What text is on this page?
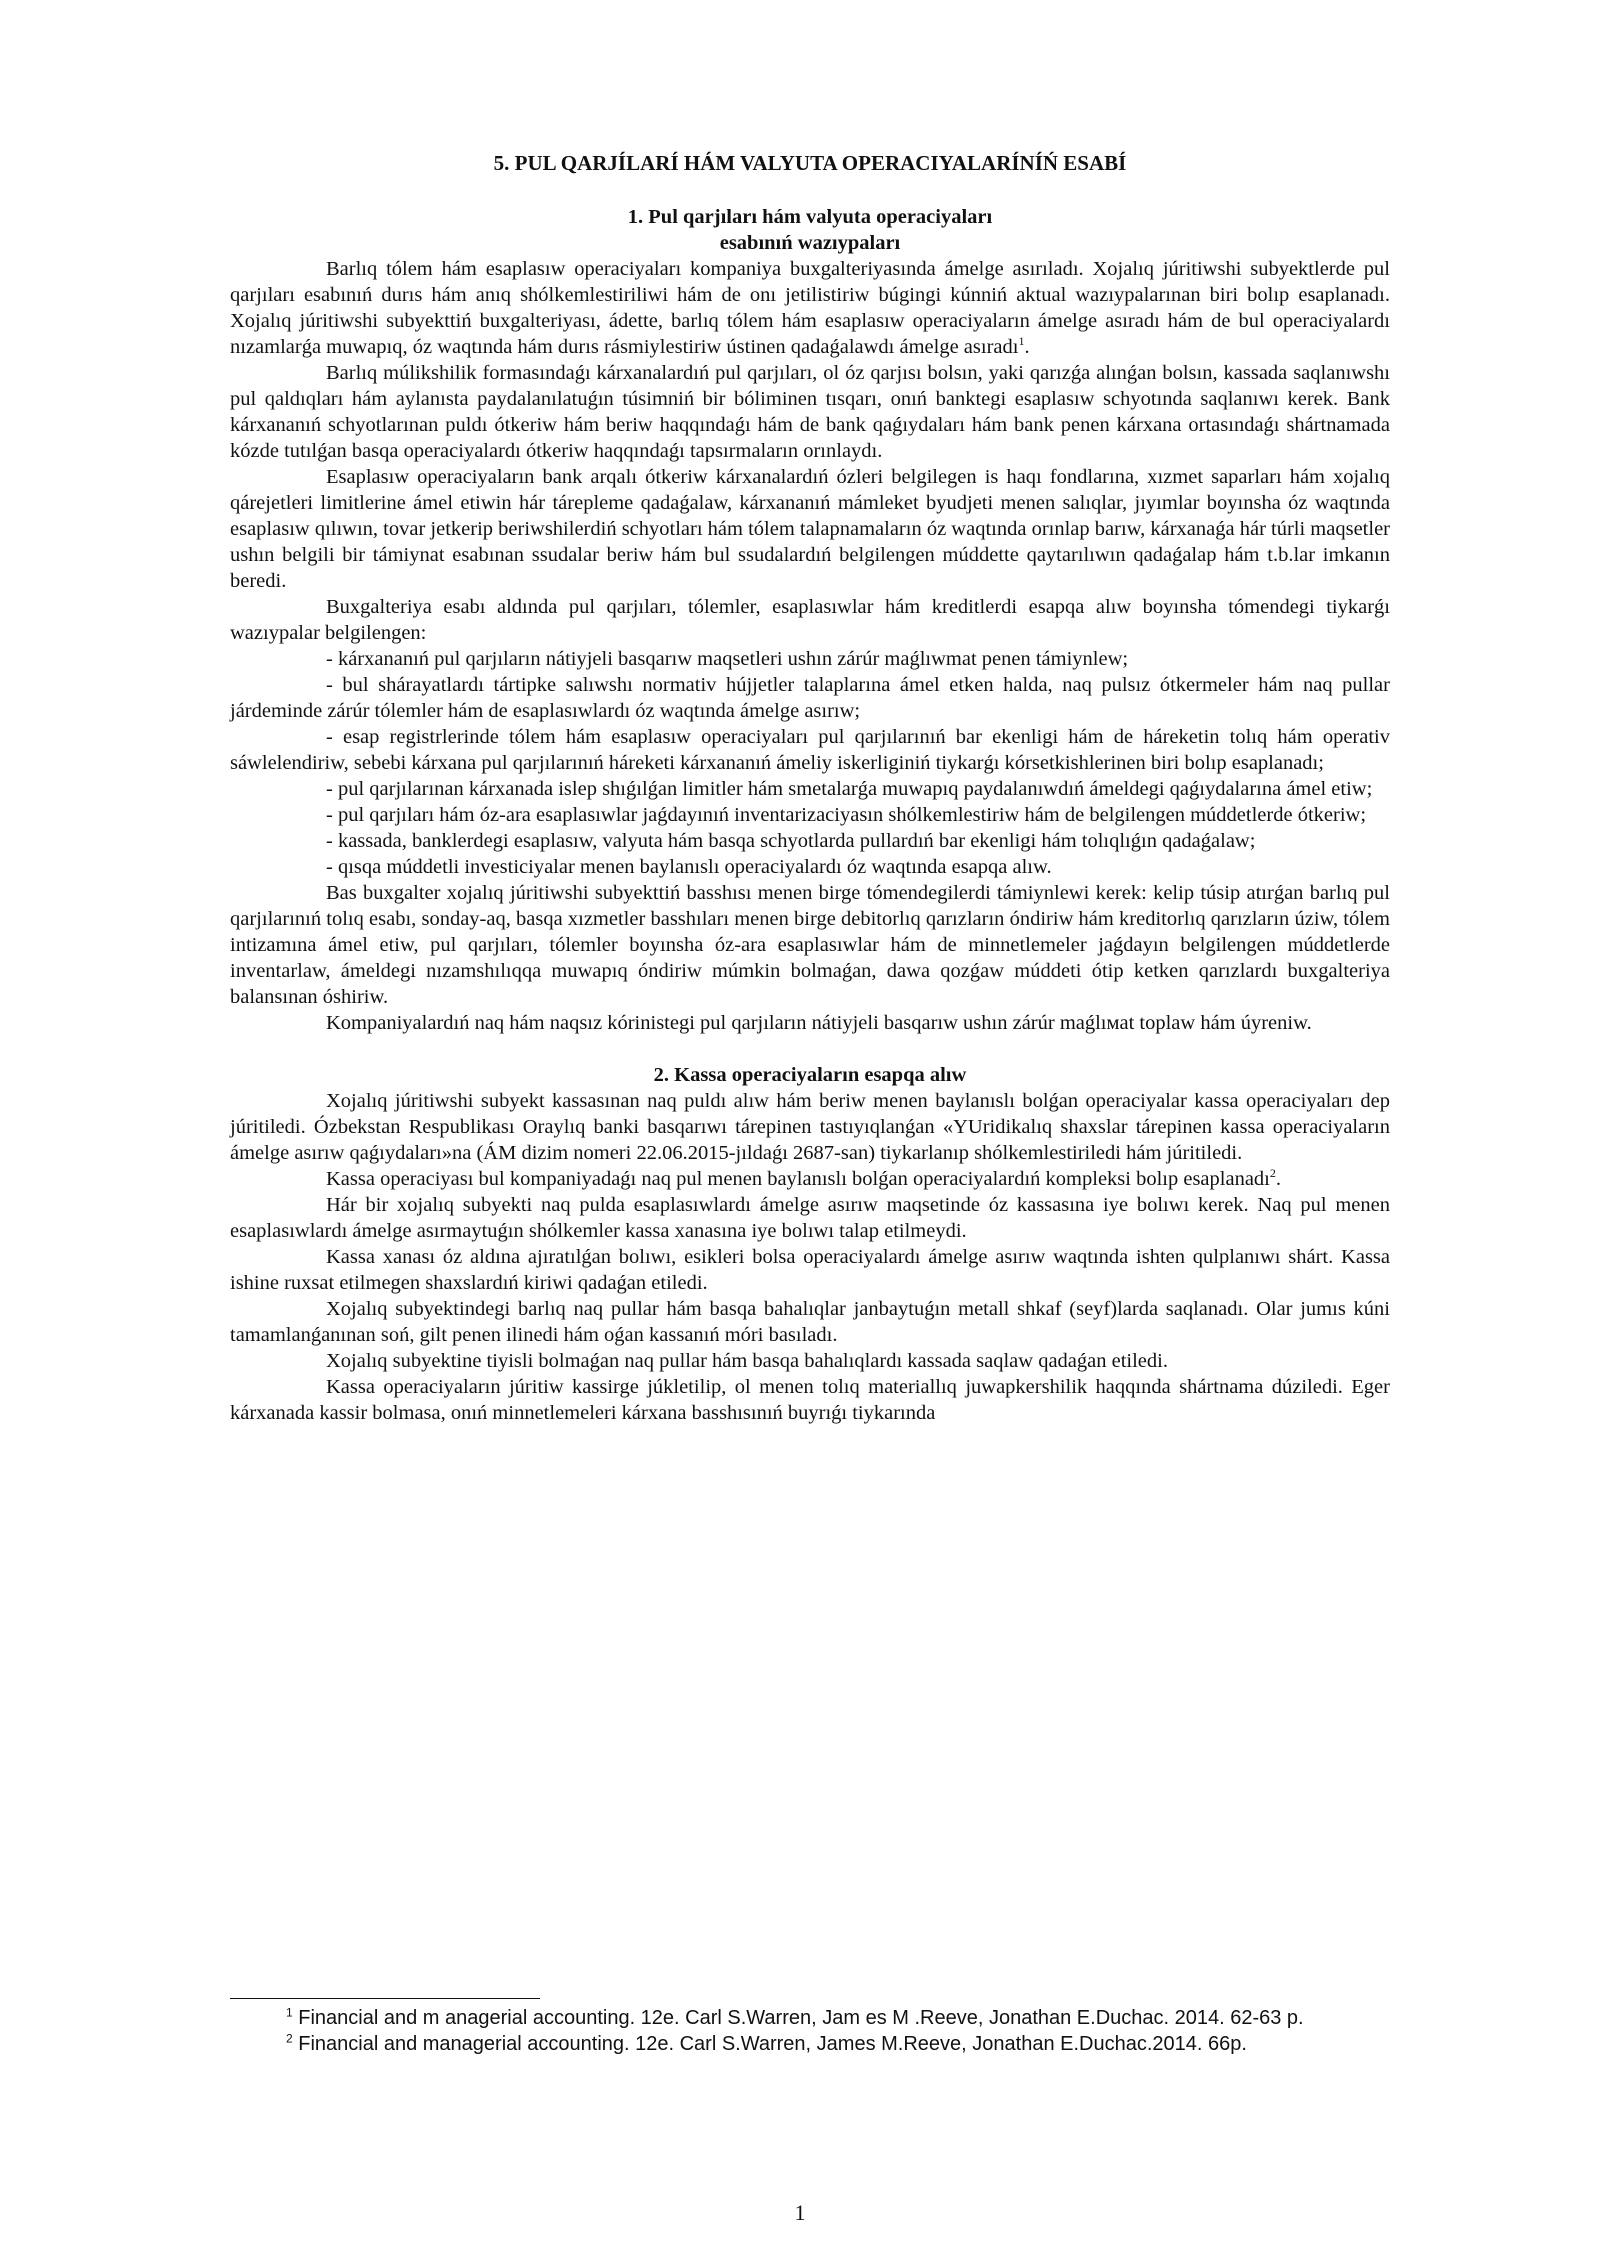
5. PUL QARJÍLARÍ HÁM VALYUTA OPERACIYALARÍNÍŃ ESABÍ
1. Pul qarjıları hám valyuta operaciyaları
esabınıń wazıypaları

Barlıq tólem hám esaplasıw operaciyaları kompaniya buxgalteriyasında ámelge asırıladı. Xojalıq júritiwshi subyektlerde pul qarjıları esabınıń durıs hám anıq shólkemlestiriliwi hám de onı jetilistiriw búgingi kúnniń aktual wazıypalarınan biri bolıp esaplanadı. Xojalıq júritiwshi subyekttiń buxgalteriyası, ádette, barlıq tólem hám esaplasıw operaciyaların ámelge asıradı hám de bul operaciyalardı nızamlarǵa muwapıq, óz waqtında hám durıs rásmiylestiriw ústinen qadaǵalawdı ámelge asıradı$^1$.

Barlıq múlikshilik formasındaǵı kárxanalardıń pul qarjıları, ol óz qarjısı bolsın, yaki qarızǵa alınǵan bolsın, kassada saqlanıwshı pul qaldıqları hám aylanısta paydalanılatuǵın túsimniń bir bóliminen tısqarı, onıń banktegi esaplasıw schyotında saqlanıwı kerek. Bank kárxananıń schyotlarınan puldı ótkeriw hám beriw haqqındaǵı hám de bank qaǵıydaları hám bank penen kárxana ortasındaǵı shártnamada kózde tutılǵan basqa operaciyalardı ótkeriw haqqındaǵı tapsırmaların orınlaydı.

Esaplasıw operaciyaların bank arqalı ótkeriw kárxanalardıń ózleri belgilegen is haqı fondlarına, xızmet saparları hám xojalıq qárejetleri limitlerine ámel etiwin hár tárepleme qadaǵalaw, kárxananıń mámleket byudjeti menen salıqlar, jıyımlar boyınsha óz waqtında esaplasıw qılıwın, tovar jetkerip beriwshilerdiń schyotları hám tólem talapnamaların óz waqtında orınlap barıw, kárxanaǵa hár túrli maqsetler ushın belgili bir támiynat esabınan ssudalar beriw hám bul ssudalardıń belgilengen múddette qaytarılıwın qadaǵalap hám t.b.lar imkanın beredi.

Buxgalteriya esabı aldında pul qarjıları, tólemler, esaplasıwlar hám kreditlerdi esapqa alıw boyınsha tómendegi tiykarǵı wazıypalar belgilengen:

- kárxananıń pul qarjıların nátiyjeli basqarıw maqsetleri ushın zárúr maǵlıwmat penen támiynlew;

- bul shárayatlardı tártipke salıwshı normativ hújjetler talaplarına ámel etken halda, naq pulsız ótkermeler hám naq pullar járdeminde zárúr tólemler hám de esaplasıwlardı óz waqtında ámelge asırıw;

- esap registrlerinde tólem hám esaplasıw operaciyaları pul qarjılarınıń bar ekenligi hám de háreketin tolıq hám operativ sáwlelendiriw, sebebi kárxana pul qarjılarınıń háreketi kárxananıń ámeliy iskerliginiń tiykarǵı kórsetkishlerinen biri bolıp esaplanadı;

- pul qarjılarınan kárxanada islep shıǵılǵan limitler hám smetalarǵa muwapıq paydalanıwdıń ámeldegi qaǵıydalarına ámel etiw;

- pul qarjıları hám óz-ara esaplasıwlar jaǵdayınıń inventarizaciyasın shólkemlestiriw hám de belgilengen múddetlerde ótkeriw;

- kassada, banklerdegi esaplasıw, valyuta hám basqa schyotlarda pullardıń bar ekenligi hám tolıqlıǵın qadaǵalaw;

- qısqa múddetli investiciyalar menen baylanıslı operaciyalardı óz waqtında esapqa alıw.

Bas buxgalter xojalıq júritiwshi subyekttiń basshısı menen birge tómendegilerdi támiynlewi kerek: kelip túsip atırǵan barlıq pul qarjılarınıń tolıq esabı, sonday-aq, basqa xızmetler basshıları menen birge debitorlıq qarızların óndiriw hám kreditorlıq qarızların úziw, tólem intizamına ámel etiw, pul qarjıları, tólemler boyınsha óz-ara esaplasıwlar hám de minnetlemeler jaǵdayın belgilengen múddetlerde inventarlaw, ámeldegi nızamshılıqqa muwapıq óndiriw múmkin bolmaǵan, dawa qozǵaw múddeti ótip ketken qarızlardı buxgalteriya balansınan óshiriw.

Kompaniyalardıń naq hám naqsız kórinistegi pul qarjıların nátiyjeli basqarıw ushın zárúr maǵlıмat toplaw hám úyreniw.

2. Kassa operaciyaların esapqa alıw

Xojalıq júritiwshi subyekt kassasınan naq puldı alıw hám beriw menen baylanıslı bolǵan operaciyalar kassa operaciyaları dep júritiledi. Ózbekstan Respublikası Oraylıq banki basqarıwı tárepinen tastıyıqlanǵan «YUridikalıq shaxslar tárepinen kassa operaciyaların ámelge asırıw qaǵıydaları»na (ÁM dizim nomeri 22.06.2015-jıldaǵı 2687-san) tiykarlanıp shólkemlestiriledi hám júritiledi.

Kassa operaciyası bul kompaniyadaǵı naq pul menen baylanıslı bolǵan operaciyalardıń kompleksi bolıp esaplanadı$^2$.

Hár bir xojalıq subyekti naq pulda esaplasıwlardı ámelge asırıw maqsetinde óz kassasına iye bolıwı kerek. Naq pul menen esaplasıwlardı ámelge asırmaytuǵın shólkemler kassa xanasına iye bolıwı talap etilmeydi.

Kassa xanası óz aldına ajıratılǵan bolıwı, esikleri bolsa operaciyalardı ámelge asırıw waqtında ishten qulplanıwı shárt. Kassa ishine ruxsat etilmegen shaxslardıń kiriwi qadaǵan etiledi.

Xojalıq subyektindegi barlıq naq pullar hám basqa bahalıqlar janbaytuǵın metall shkaf (seyf)larda saqlanadı. Olar jumıs kúni tamamlanǵanınan soń, gilt penen ilinedi hám oǵan kassanıń móri basıladı.

Xojalıq subyektine tiyisli bolmaǵan naq pullar hám basqa bahalıqlardı kassada saqlaw qadaǵan etiledi.

Kassa operaciyaların júritiw kassirge júkletilip, ol menen tolıq materiallıq juwapkershilik haqqında shártnama dúziledi. Eger kárxanada kassir bolmasa, onıń minnetlemeleri kárxana basshısınıń buyrıǵı tiykarında

$^1$ Financial and m anagerial accounting. 12e. Carl S.Warren, Jam es M .Reeve, Jonathan E.Duchac. 2014. 62-63 p.

$^2$ Financial and managerial accounting. 12e. Carl S.Warren, James M.Reeve, Jonathan E.Duchac.2014. 66p.

1
